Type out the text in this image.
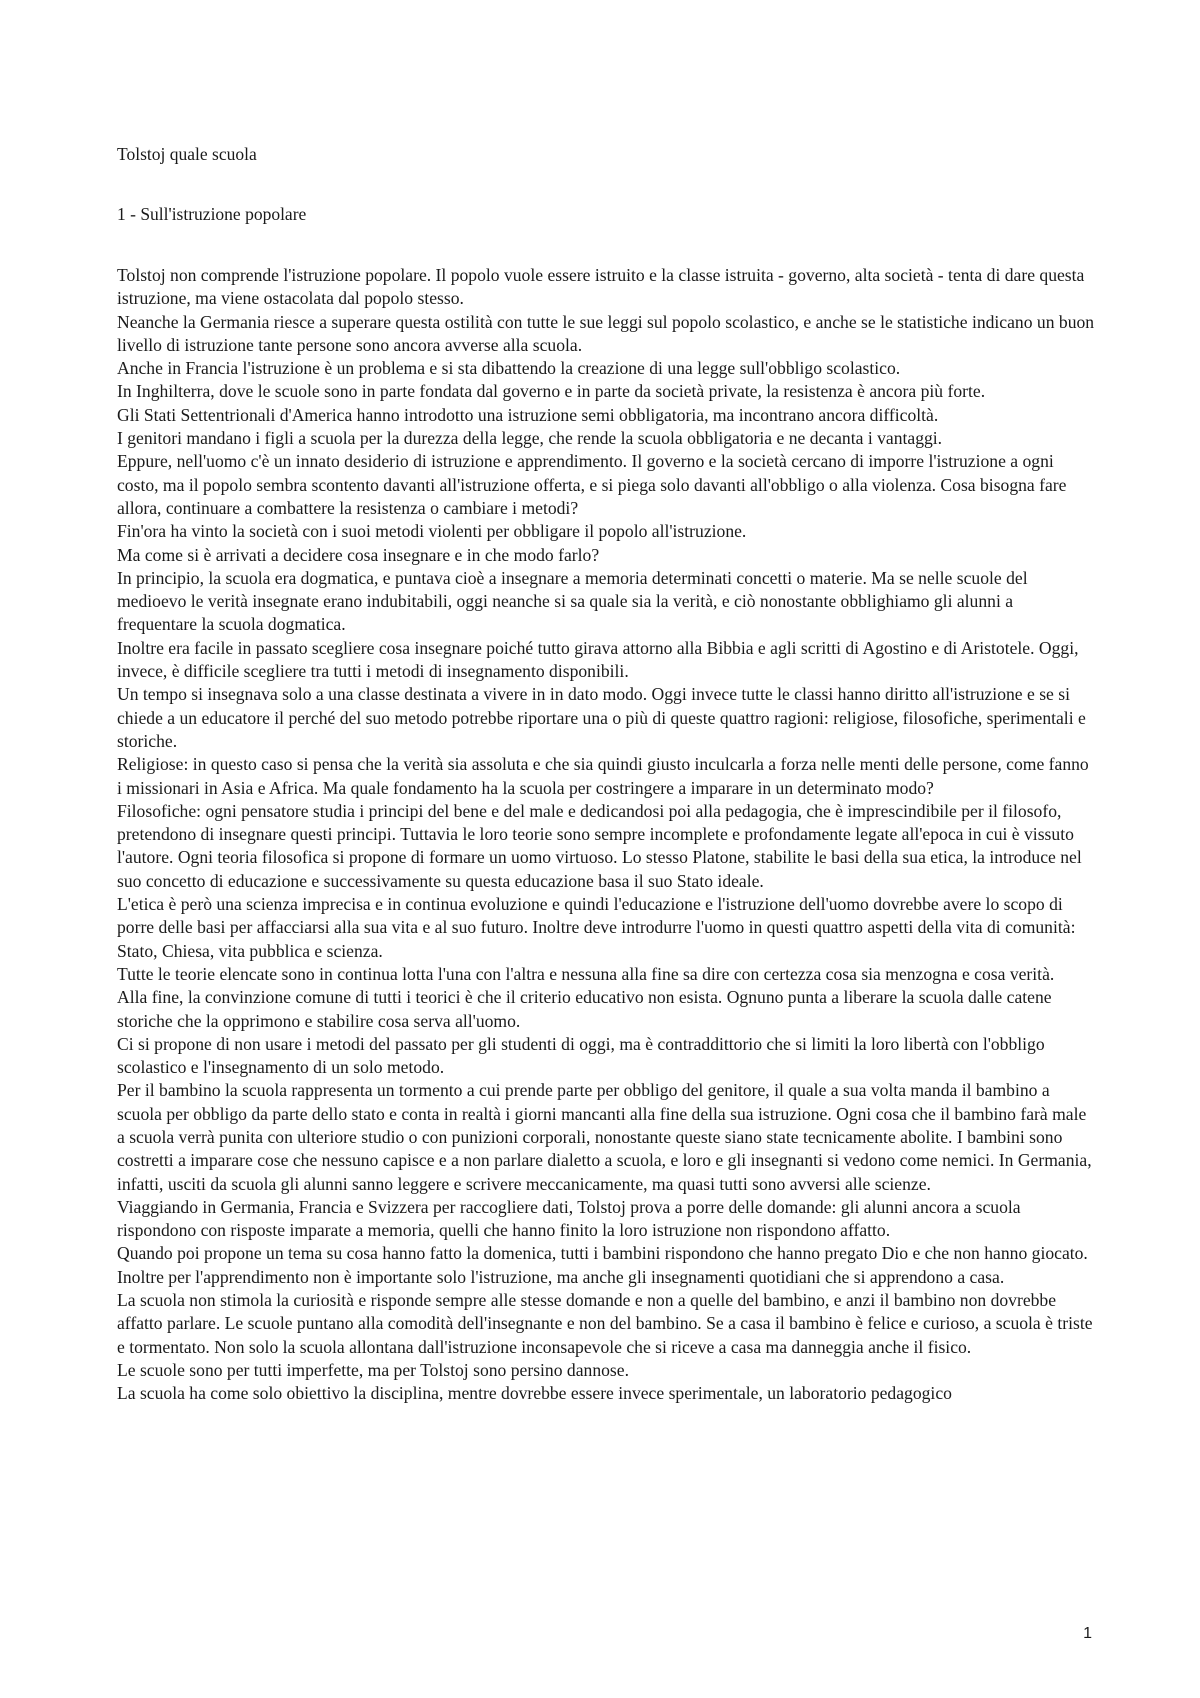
Tolstoj quale scuola
1 - Sull'istruzione popolare

Tolstoj non comprende l'istruzione popolare. Il popolo vuole essere istruito e la classe istruita - governo, alta società - tenta di dare questa istruzione, ma viene ostacolata dal popolo stesso.

Neanche la Germania riesce a superare questa ostilità con tutte le sue leggi sul popolo scolastico, e anche se le statistiche indicano un buon livello di istruzione tante persone sono ancora avverse alla scuola.

Anche in Francia l'istruzione è un problema e si sta dibattendo la creazione di una legge sull'obbligo scolastico.

In Inghilterra, dove le scuole sono in parte fondata dal governo e in parte da società private, la resistenza è ancora più forte.

Gli Stati Settentrionali d'America hanno introdotto una istruzione semi obbligatoria, ma incontrano ancora difficoltà.

I genitori mandano i figli a scuola per la durezza della legge, che rende la scuola obbligatoria e ne decanta i vantaggi.

Eppure, nell'uomo c'è un innato desiderio di istruzione e apprendimento. Il governo e la società cercano di imporre l'istruzione a ogni costo, ma il popolo sembra scontento davanti all'istruzione offerta, e si piega solo davanti all'obbligo o alla violenza. Cosa bisogna fare allora, continuare a combattere la resistenza o cambiare i metodi?

Fin'ora ha vinto la società con i suoi metodi violenti per obbligare il popolo all'istruzione.

Ma come si è arrivati a decidere cosa insegnare e in che modo farlo?

In principio, la scuola era dogmatica, e puntava cioè a insegnare a memoria determinati concetti o materie. Ma se nelle scuole del medioevo le verità insegnate erano indubitabili, oggi neanche si sa quale sia la verità, e ciò nonostante obblighiamo gli alunni a frequentare la scuola dogmatica.

Inoltre era facile in passato scegliere cosa insegnare poiché tutto girava attorno alla Bibbia e agli scritti di Agostino e di Aristotele. Oggi, invece, è difficile scegliere tra tutti i metodi di insegnamento disponibili.

Un tempo si insegnava solo a una classe destinata a vivere in in dato modo. Oggi invece tutte le classi hanno diritto all'istruzione e se si chiede a un educatore il perché del suo metodo potrebbe riportare una o più di queste quattro ragioni: religiose, filosofiche, sperimentali e storiche.

Religiose: in questo caso si pensa che la verità sia assoluta e che sia quindi giusto inculcarla a forza nelle menti delle persone, come fanno i missionari in Asia e Africa. Ma quale fondamento ha la scuola per costringere a imparare in un determinato modo?

Filosofiche: ogni pensatore studia i principi del bene e del male e dedicandosi poi alla pedagogia, che è imprescindibile per il filosofo, pretendono di insegnare questi principi. Tuttavia le loro teorie sono sempre incomplete e profondamente legate all'epoca in cui è vissuto l'autore. Ogni teoria filosofica si propone di formare un uomo virtuoso. Lo stesso Platone, stabilite le basi della sua etica, la introduce nel suo concetto di educazione e successivamente su questa educazione basa il suo Stato ideale.

L'etica è però una scienza imprecisa e in continua evoluzione e quindi l'educazione e l'istruzione dell'uomo dovrebbe avere lo scopo di porre delle basi per affacciarsi alla sua vita e al suo futuro. Inoltre deve introdurre l'uomo in questi quattro aspetti della vita di comunità: Stato, Chiesa, vita pubblica e scienza.

Tutte le teorie elencate sono in continua lotta l'una con l'altra e nessuna alla fine sa dire con certezza cosa sia menzogna e cosa verità.

Alla fine, la convinzione comune di tutti i teorici è che il criterio educativo non esista. Ognuno punta a liberare la scuola dalle catene storiche che la opprimono e stabilire cosa serva all'uomo.

Ci si propone di non usare i metodi del passato per gli studenti di oggi, ma è contraddittorio che si limiti la loro libertà con l'obbligo scolastico e l'insegnamento di un solo metodo.

Per il bambino la scuola rappresenta un tormento a cui prende parte per obbligo del genitore, il quale a sua volta manda il bambino a scuola per obbligo da parte dello stato e conta in realtà i giorni mancanti alla fine della sua istruzione. Ogni cosa che il bambino farà male a scuola verrà punita con ulteriore studio o con punizioni corporali, nonostante queste siano state tecnicamente abolite. I bambini sono costretti a imparare cose che nessuno capisce e a non parlare dialetto a scuola, e loro e gli insegnanti si vedono come nemici. In Germania, infatti, usciti da scuola gli alunni sanno leggere e scrivere meccanicamente, ma quasi tutti sono avversi alle scienze.

Viaggiando in Germania, Francia e Svizzera per raccogliere dati, Tolstoj prova a porre delle domande: gli alunni ancora a scuola rispondono con risposte imparate a memoria, quelli che hanno finito la loro istruzione non rispondono affatto.

Quando poi propone un tema su cosa hanno fatto la domenica, tutti i bambini rispondono che hanno pregato Dio e che non hanno giocato.

Inoltre per l'apprendimento non è importante solo l'istruzione, ma anche gli insegnamenti quotidiani che si apprendono a casa.

La scuola non stimola la curiosità e risponde sempre alle stesse domande e non a quelle del bambino, e anzi il bambino non dovrebbe affatto parlare. Le scuole puntano alla comodità dell'insegnante e non del bambino. Se a casa il bambino è felice e curioso, a scuola è triste e tormentato. Non solo la scuola allontana dall'istruzione inconsapevole che si riceve a casa ma danneggia anche il fisico.

Le scuole sono per tutti imperfette, ma per Tolstoj sono persino dannose.

La scuola ha come solo obiettivo la disciplina, mentre dovrebbe essere invece sperimentale, un laboratorio pedagogico

1
